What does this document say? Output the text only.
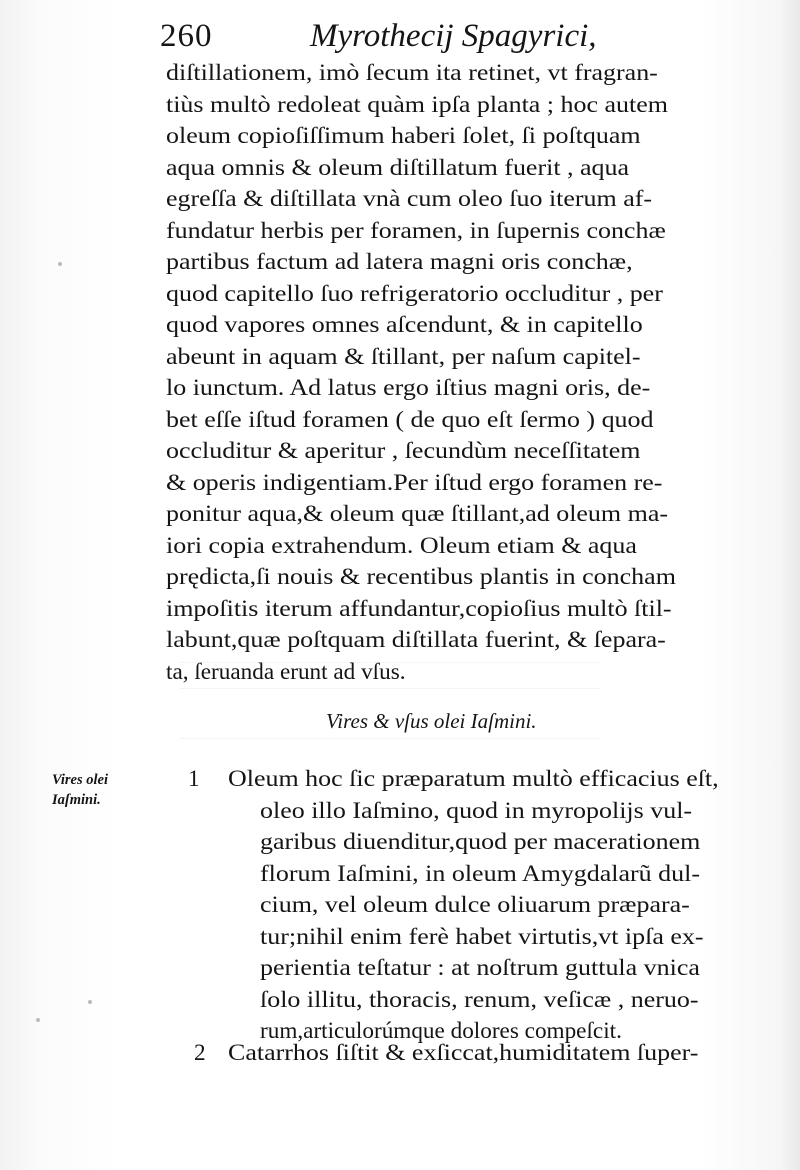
260	Myrothecij Spagyrici,
diſtillationem, imò ſecum ita retinet, vt fragran-
tiùs multò redoleat quàm ipſa planta ; hoc autem
oleum copioſiſſimum haberi ſolet, ſi poſtquam
aqua omnis & oleum diſtillatum fuerit , aqua
egreſſa & diſtillata vnà cum oleo ſuo iterum af-
fundatur herbis per foramen, in ſupernis conchæ
partibus factum ad latera magni oris conchæ,
quod capitello ſuo refrigeratorio occluditur , per
quod vapores omnes aſcendunt, & in capitello
abeunt in aquam & ſtillant, per naſum capitel-
lo iunctum. Ad latus ergo iſtius magni oris, de-
bet eſſe iſtud foramen ( de quo eſt ſermo ) quod
occluditur & aperitur , ſecundùm neceſſitatem
& operis indigentiam.Per iſtud ergo foramen re-
ponitur aqua,& oleum quæ ſtillant,ad oleum ma-
iori copia extrahendum. Oleum etiam & aqua
prędicta,ſi nouis & recentibus plantis in concham
impoſitis iterum affundantur,copioſius multò ſtil-
labunt,quæ poſtquam diſtillata fuerint, & ſepara-
ta, ſeruanda erunt ad vſus.
Vires & vſus olei Iaſmini.
Vires olei
Iaſmini.
1 Oleum hoc ſic præparatum multò efficacius eſt,
oleo illo Iaſmino, quod in myropolijs vul-
garibus diuenditur,quod per macerationem
florum Iaſmini, in oleum Amygdalarũ dul-
cium, vel oleum dulce oliuarum præpara-
tur;nihil enim ferè habet virtutis,vt ipſa ex-
perientia teſtatur : at noſtrum guttula vnica
ſolo illitu, thoracis, renum, veſicæ , neruo-
rum,articulorúmque dolores compeſcit.
2 Catarrhos ſiſtit & exſiccat,humiditatem ſuper-
